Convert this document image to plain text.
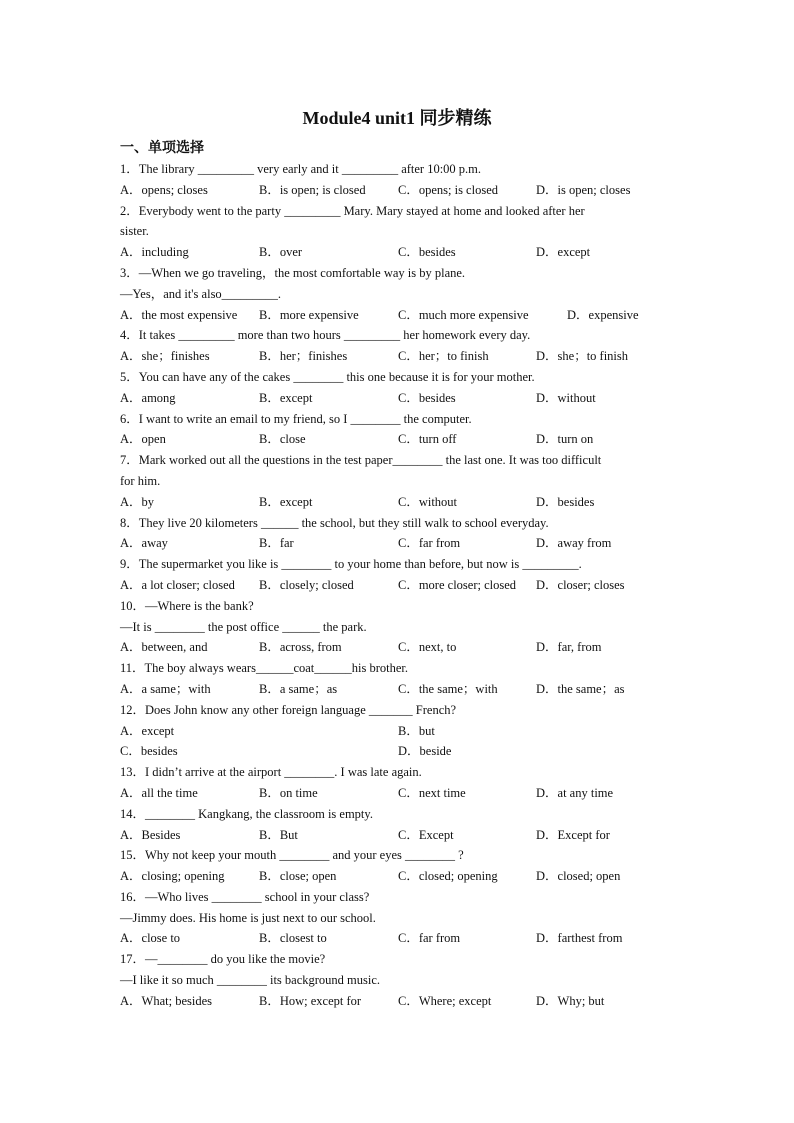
Module4 unit1 同步精练
一、单项选择
1．The library _________ very early and it _________ after 10:00 p.m.
A．opens; closes	B．is open; is closed	C．opens; is closed	D．is open; closes
2．Everybody went to the party _________ Mary. Mary stayed at home and looked after her
sister.
A．including	B．over	C．besides	D．except
3．—When we go traveling，the most comfortable way is by plane.
—Yes，and it's also_________.
A．the most expensive B．more expensive	C．much more expensive	D．expensive
4．It takes _________ more than two hours _________ her homework every day.
A．she；finishes	B．her；finishes	C．her；to finish	D．she；to finish
5．You can have any of the cakes ________ this one because it is for your mother.
A．among	B．except	C．besides	D．without
6．I want to write an email to my friend, so I ________ the computer.
A．open	B．close	C．turn off	D．turn on
7．Mark worked out all the questions in the test paper________ the last one. It was too difficult
for him.
A．by	B．except	C．without	D．besides
8．They live 20 kilometers ______ the school, but they still walk to school everyday.
A．away	B．far	C．far from	D．away from
9．The supermarket you like is ________ to your home than before, but now is _________.
A．a lot closer; closed B．closely; closed	C．more closer; closed D．closer; closes
10．—Where is the bank?
—It is ________ the post office ______ the park.
A．between, and	B．across, from	C．next, to	D．far, from
11．The boy always wears______coat______his brother.
A．a same；with	B．a same；as	C．the same；with	D．the same；as
12．Does John know any other foreign language _______ French?
A．except	B．but
C．besides	D．beside
13．I didn’t arrive at the airport ________. I was late again.
A．all the time	B．on time	C．next time	D．at any time
14．________ Kangkang, the classroom is empty.
A．Besides	B．But	C．Except	D．Except for
15．Why not keep your mouth ________ and your eyes ________ ?
A．closing; opening	B．close; open	C．closed; opening	D．closed; open
16．—Who lives ________ school in your class?
—Jimmy does. His home is just next to our school.
A．close to	B．closest to	C．far from	D．farthest from
17．—________ do you like the movie?
—I like it so much ________ its background music.
A．What; besides	B．How; except for	C．Where; except	D．Why; but
